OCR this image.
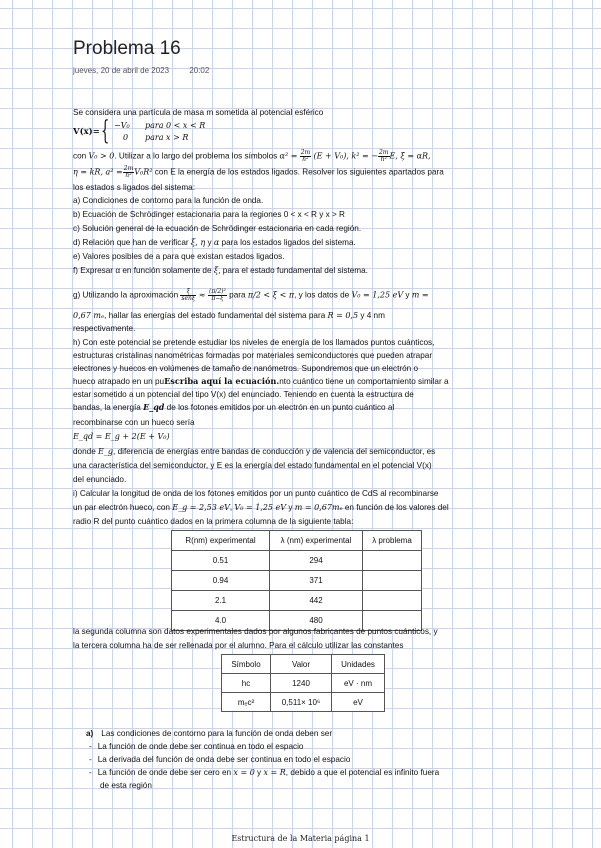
Problema 16
jueves, 20 de abril de 2023	20:02
Se considera una partícula de masa m sometida al potencial esférico
V(x)= { −V₀ para 0 < x < R
0 para x > R
con V₀ > 0. Utilizar a lo largo del problema los símbolos $\alpha^2 = \frac{2m}{\text{ħ²}} (E + V_0)$, k² = − $\frac{2m}{\text{ħ²}} E$, ξ = αR,
η = kR, $a^2 = \frac{2m}{\text{ħ²}} V_0R^2$ con E la energía de los estados ligados. Resolver los siguientes apartados para
los estados s ligados del sistema:
a) Condiciones de contorno para la función de onda.
b) Ecuación de Schrödinger estacionaria para la regiones 0 < x < R y x > R
c) Solución general de la ecuación de Schrödinger estacionaria en cada región.
d) Relación que han de verificar ξ, η y α para los estados ligados del sistema.
e) Valores posibles de a para que existan estados ligados.
f) Expresar α en función solamente de ξ, para el estado fundamental del sistema.
g) Utilizando la aproximación $\frac{\xi}{\text{senξ}} \approx \frac{\text{(π/2)²}}{\pi-\xi}$ para π/2 < ξ < π, y los datos de V₀ = 1,25 eV y m =
0,67 mₑ, hallar las energías del estado fundamental del sistema para R = 0,5 y 4 nm
respectivamente.
h) Con este potencial se pretende estudiar los niveles de energía de los llamados puntos cuánticos,
estructuras cristalinas nanométricas formadas por materiales semiconductores que pueden atrapar
electrones y huecos en volúmenes de tamaño de nanómetros. Supondremos que un electrón o
hueco atrapado en un puEscriba aquí la ecuación.nto cuántico tiene un comportamiento similar a
estar sometido a un potencial del tipo V(x) del enunciado. Teniendo en cuenta la estructura de
bandas, la energía E_qd de los fotones emitidos por un electrón en un punto cuántico al
recombinarse con un hueco sería
E_qd = E_g + 2(E + V₀)
donde E_g, diferencia de energías entre bandas de conducción y de valencia del semiconductor, es
una característica del semiconductor, y E es la energía del estado fundamental en el potencial V(x)
del enunciado.
i) Calcular la longitud de onda de los fotones emitidos por un punto cuántico de CdS al recombinarse
un par electrón hueco, con E_g = 2,53 eV, V₀ = 1,25 eV y m = 0,67mₑ en función de los valores del
radio R del punto cuántico dados en la primera columna de la siguiente tabla:
R(nm) experimental	λ (nm) experimental	λ problema
0.51	294	
0.94	371	
2.1	442	
4.0	480	
la segunda columna son datos experimentales dados por algunos fabricantes de puntos cuánticos, y
la tercera columna ha de ser rellenada por el alumno. Para el cálculo utilizar las constantes
Símbolo	Valor	Unidades
hc	1240	eV · nm
mₑc²	0,511× 10⁶	eV
a) Las condiciones de contorno para la función de onda deben ser
- La función de onde debe ser continua en todo el espacio
- La derivada del función de onda debe ser continua en todo el espacio
- La función de onde debe ser cero en x = 0 y x = R, debido a que el potencial es infinito fuera
de esta región
Estructura de la Materia página 1
